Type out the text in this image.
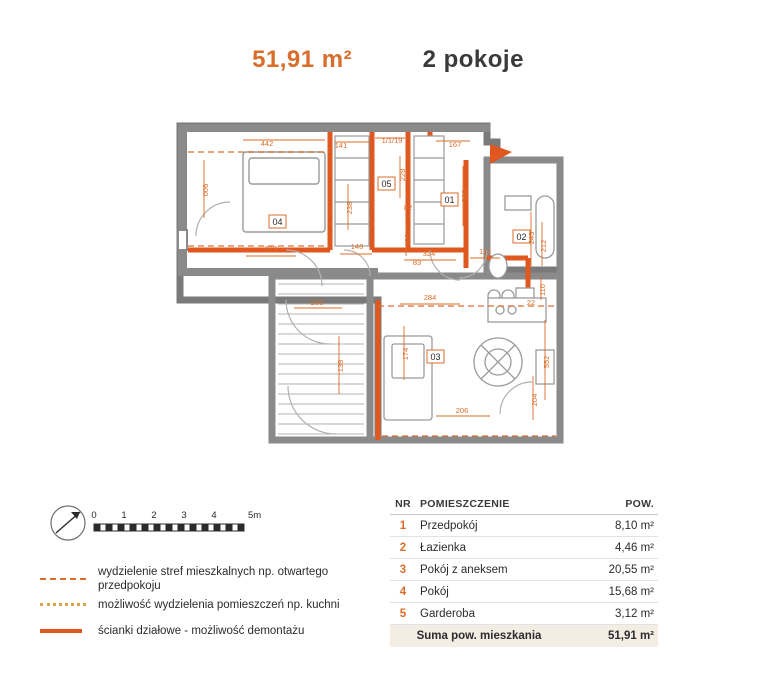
51,91 m²	2 pokoje
01
02
03
04
05
442	141
1/1/19	167
228
363
006
238	82
129
219	148
324	110
83
243
212
200
284
22
110
139
174
552
206
204
0	1	2	3	4	5m
wydzielenie stref mieszkalnych np. otwartego przedpokoju
możliwość wydzielenia pomieszczeń np. kuchni
ścianki działowe - możliwość demontażu
NR POMIESZCZENIE	POW.
1	Przedpokój	8,10 m²
2	Łazienka	4,46 m²
3	Pokój z aneksem	20,55 m²
4	Pokój	15,68 m²
5	Garderoba	3,12 m²
Suma pow. mieszkania	51,91 m²
